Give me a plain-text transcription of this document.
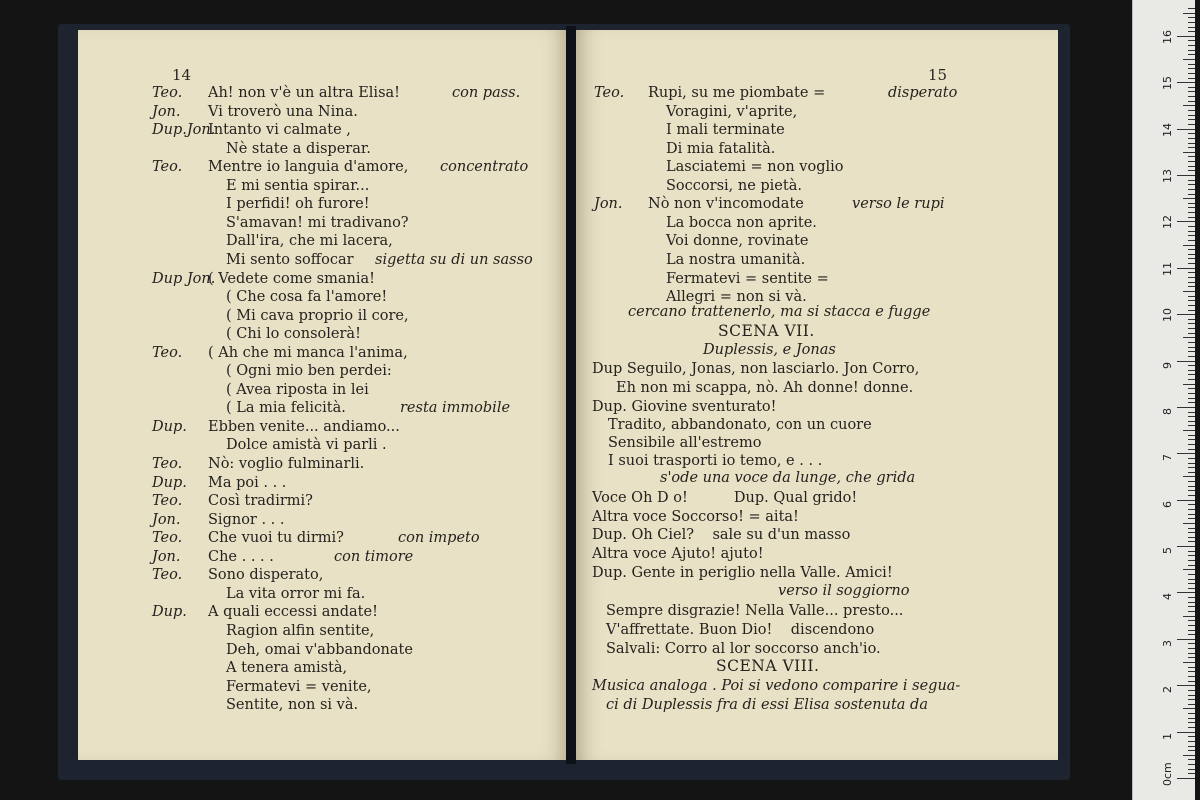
14	15
Teo. Ah! non v'è un altra Elisa!	con pass.
Jon. Vi troverò una Nina.
Dup.Jon.
Intanto vi calmate ,
Nè state a disperar.
Teo. Mentre io languia d'amore, concentrato
E mi sentia spirar...
I perfidi! oh furore!
S'amavan! mi tradivano?
Dall'ira, che mi lacera,
Mi sento soffocar sigetta su di un sasso
Dup Jon.
( Vedete come smania!
( Che cosa fa l'amore!
( Mi cava proprio il core,
( Chi lo consolerà!
Teo. ( Ah che mi manca l'anima,
( Ogni mio ben perdei:
( Avea riposta in lei
( La mia felicità.	resta immobile
Dup. Ebben venite... andiamo...
Dolce amistà vi parli .
Teo. Nò: voglio fulminarli.
Dup. Ma poi . . .
Teo. Così tradirmi?
Jon. Signor . . .
Teo. Che vuoi tu dirmi?	con impeto
Jon. Che . . . .	con timore
Teo. Sono disperato,
La vita orror mi fa.
Dup. A quali eccessi andate!
Ragion alfin sentite,
Deh, omai v'abbandonate
A tenera amistà,
Fermatevi = venite,
Sentite, non si và.
Teo. Rupi, su me piombate =	disperato
Voragini, v'aprite,
I mali terminate
Di mia fatalità.
Lasciatemi = non voglio
Soccorsi, ne pietà.
Jon. Nò non v'incomodate	verso le rupi
La bocca non aprite.
Voi donne, rovinate
La nostra umanità.
Fermatevi = sentite =
Allegri = non si và.
cercano trattenerlo, ma si stacca e fugge
SCENA VII.
Duplessis, e Jonas
Dup Seguilo, Jonas, non lasciarlo. Jon Corro,
Eh non mi scappa, nò. Ah donne! donne.
Dup. Giovine sventurato!
Tradito, abbandonato, con un cuore
Sensibile all'estremo
I suoi trasporti io temo, e . . .
s'ode una voce da lunge, che grida
Voce Oh D o!          Dup. Qual grido!
Altra voce Soccorso! = aita!
Dup. Oh Ciel?    sale su d'un masso
Altra voce Ajuto! ajuto!
Dup. Gente in periglio nella Valle. Amici!
verso il soggiorno
Sempre disgrazie! Nella Valle... presto...
V'affrettate. Buon Dio!    discendono
Salvali: Corro al lor soccorso anch'io.
SCENA VIII.
Musica analoga . Poi si vedono comparire i segua-
ci di Duplessis fra di essi Elisa sostenuta da
0cm
1
2
3
4
5
6
7
8
9
10
11
12
13
14
15
16
